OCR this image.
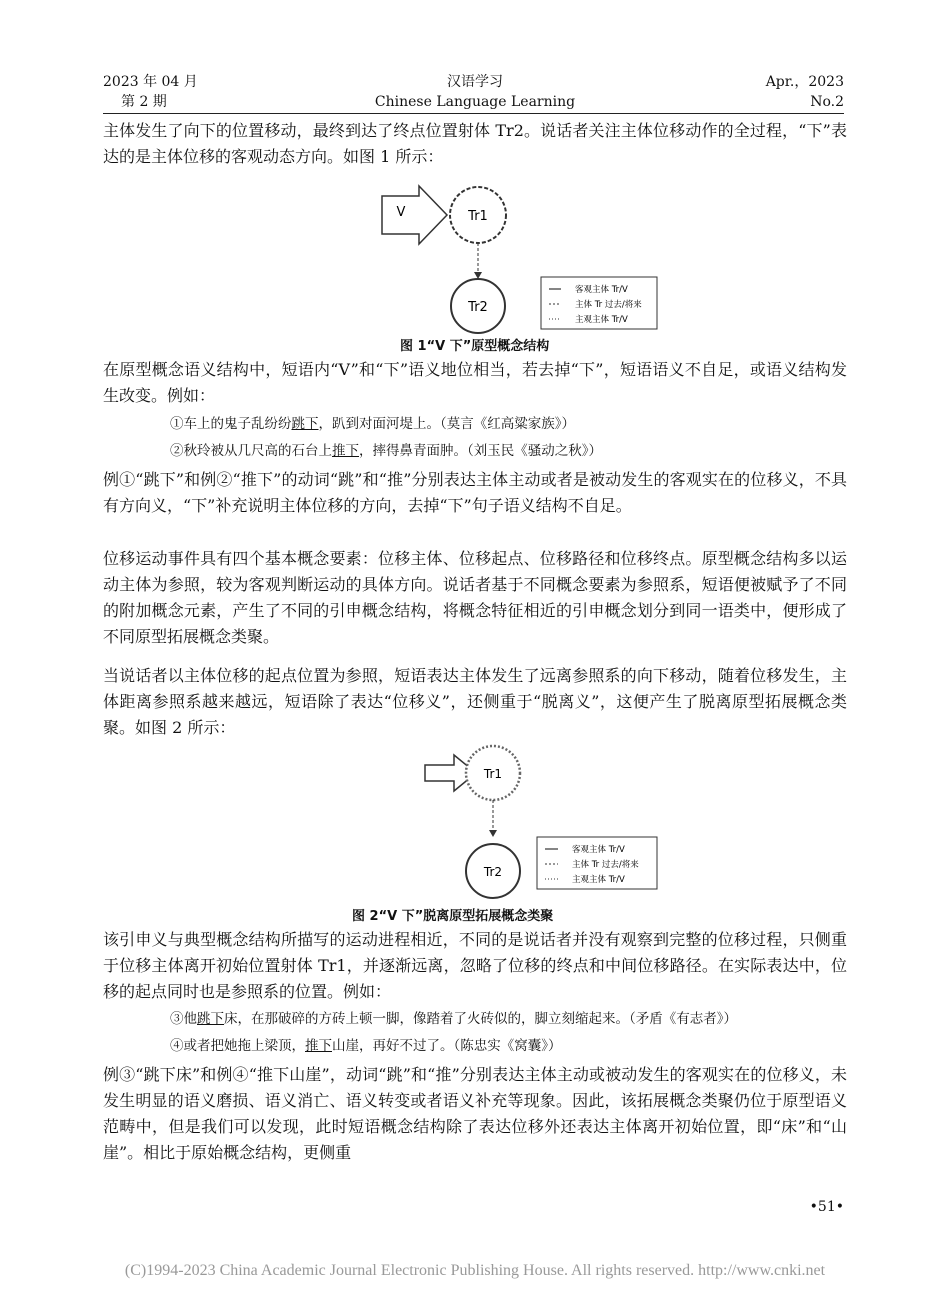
2023 年 04 月
第 2 期
汉语学习
Chinese Language Learning
Apr.，2023
No.2

主体发生了向下的位置移动，最终到达了终点位置射体 Tr2。说话者关注主体位移动作的全过程，“下”表达的是主体位移的客观动态方向。如图 1 所示：

V	Tr1
Tr2
客观主体 Tr/V
主体 Tr 过去/将来
主观主体 Tr/V
图 1“V 下”原型概念结构

在原型概念语义结构中，短语内“V”和“下”语义地位相当，若去掉“下”，短语语义不自足，或语义结构发生改变。例如：

①车上的鬼子乱纷纷跳下，趴到对面河堤上。（莫言《红高粱家族》）

②秋玲被从几尺高的石台上推下，摔得鼻青面肿。（刘玉民《骚动之秋》）

例①“跳下”和例②“推下”的动词“跳”和“推”分别表达主体主动或者是被动发生的客观实在的位移义，不具有方向义，“下”补充说明主体位移的方向，去掉“下”句子语义结构不自足。

位移运动事件具有四个基本概念要素：位移主体、位移起点、位移路径和位移终点。原型概念结构多以运动主体为参照，较为客观判断运动的具体方向。说话者基于不同概念要素为参照系，短语便被赋予了不同的附加概念元素，产生了不同的引申概念结构，将概念特征相近的引申概念划分到同一语类中，便形成了不同原型拓展概念类聚。

当说话者以主体位移的起点位置为参照，短语表达主体发生了远离参照系的向下移动，随着位移发生，主体距离参照系越来越远，短语除了表达“位移义”，还侧重于“脱离义”，这便产生了脱离原型拓展概念类聚。如图 2 所示：

Tr1
Tr2
客观主体 Tr/V
主体 Tr 过去/将来
主观主体 Tr/V
图 2“V 下”脱离原型拓展概念类聚

该引申义与典型概念结构所描写的运动进程相近，不同的是说话者并没有观察到完整的位移过程，只侧重于位移主体离开初始位置射体 Tr1，并逐渐远离，忽略了位移的终点和中间位移路径。在实际表达中，位移的起点同时也是参照系的位置。例如：

③他跳下床，在那破碎的方砖上顿一脚，像踏着了火砖似的，脚立刻缩起来。（矛盾《有志者》）

④或者把她拖上梁顶，推下山崖，再好不过了。（陈忠实《窝囊》）

例③“跳下床”和例④“推下山崖”，动词“跳”和“推”分别表达主体主动或被动发生的客观实在的位移义，未发生明显的语义磨损、语义消亡、语义转变或者语义补充等现象。因此，该拓展概念类聚仍位于原型语义范畴中，但是我们可以发现，此时短语概念结构除了表达位移外还表达主体离开初始位置，即“床”和“山崖”。相比于原始概念结构，更侧重

•51•
(C)1994-2023 China Academic Journal Electronic Publishing House. All rights reserved. http://www.cnki.net
